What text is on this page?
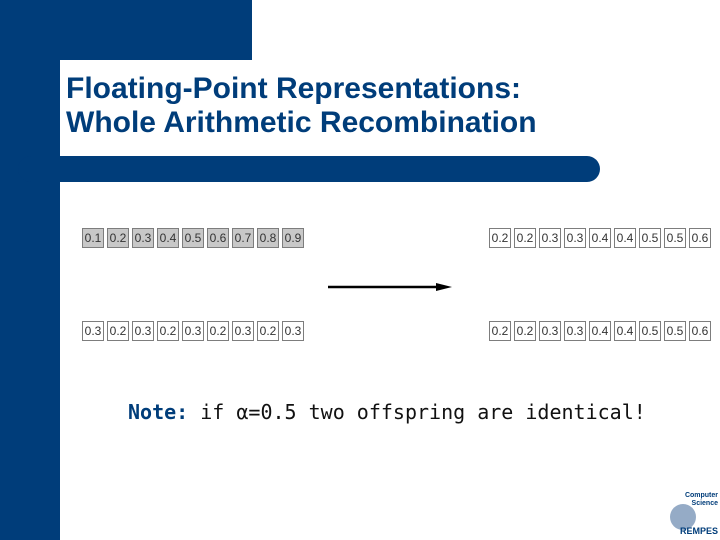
Floating-Point Representations:
Whole Arithmetic Recombination
0.1 0.2 0.3 0.4 0.5 0.6 0.7 0.8 0.9
0.3 0.2 0.3 0.2 0.3 0.2 0.3 0.2 0.3
0.2 0.2 0.3 0.3 0.4 0.4 0.5 0.5 0.6
0.2 0.2 0.3 0.3 0.4 0.4 0.5 0.5 0.6

Note: if α=0.5 two offspring are identical!

Computer Science
REMPES
